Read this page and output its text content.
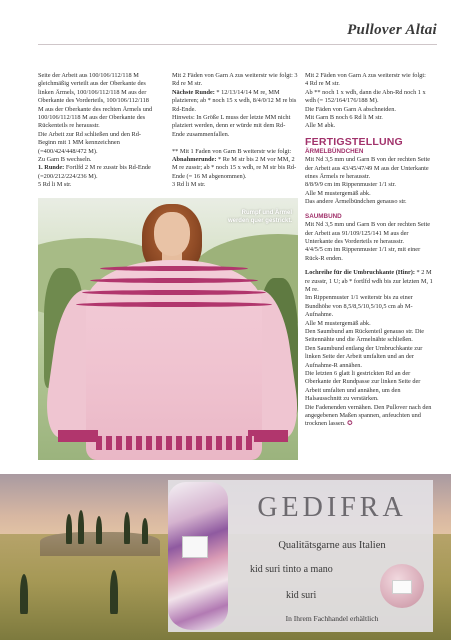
Pullover Altai

Seite der Arbeit aus 100/106/112/118 M gleichmäßig verteilt aus der Oberkante des linken Ärmels, 100/106/112/118 M aus der Oberkante des Vorderteils, 100/106/112/118 M aus der Oberkante des rechten Ärmels und 100/106/112/118 M aus der Oberkante des Rückenteils re herausstr.

Die Arbeit zur Rd schließen und den Rd-Beginn mit 1 MM kennzeichnen (=400/424/448/472 M).

Zu Garn B wechseln.

1. Runde: Fortlfd 2 M re zusstr bis Rd-Ende (=200/212/224/236 M).

5 Rd li M str.

Mit 2 Fäden von Garn A zus weiterstr wie folgt: 3 Rd re M str.

Nächste Runde: * 12/13/14/14 M re, MM platzieren; ab * noch 15 x wdh, 8/4/0/12 M re bis Rd-Ende.

Hinweis: In Größe L muss der letzte MM nicht platziert werden, denn er würde mit dem Rd-Ende zusammenfallen.

** Mit 1 Faden von Garn B weiterstr wie folgt:

Abnahmerunde: * Re M str bis 2 M vor MM, 2 M re zusstr; ab * noch 15 x wdh, re M str bis Rd-Ende (= 16 M abgenommen).

3 Rd li M str.

Mit 2 Fäden von Garn A zus weiterstr wie folgt:

4 Rd re M str.

Ab ** noch 1 x wdh, dann die Abn-Rd noch 1 x wdh (= 152/164/176/188 M).

Die Fäden von Garn A abschneiden.

Mit Garn B noch 6 Rd li M str.

Alle M abk.

FERTIGSTELLUNG
ÄRMELBÜNDCHEN

Mit Nd 3,5 mm und Garn B von der rechten Seite der Arbeit aus 43/45/47/49 M aus der Unterkante eines Ärmels re herausstr.

8/8/9/9 cm im Rippenmuster 1/1 str.

Alle M mustergemäß abk.

Das andere Ärmelbündchen genauso str.

SAUMBUND

Mit Nd 3,5 mm und Garn B von der rechten Seite der Arbeit aus 91/109/125/141 M aus der Unterkante des Vorderteils re herausstr.

4/4/5/5 cm im Rippenmuster 1/1 str, mit einer Rück-R enden.

Lochreihe für die Umbruchkante (Hinr): * 2 M re zusstr, 1 U; ab * fortlfd wdh bis zur letzten M, 1 M re.

Im Rippenmuster 1/1 weiterstr bis zu einer Bundhöhe von 8,5/8,5/10,5/10,5 cm ab M-Aufnahme.

Alle M mustergemäß abk.

Den Saumbund am Rückenteil genauso str. Die Seitennähte und die Ärmelnähte schließen.

Den Saumbund entlang der Umbruchkante zur linken Seite der Arbeit umfalten und an der Aufnahme-R annähen.

Die letzten 6 glatt li gestrickten Rd an der Oberkante der Rundpasse zur linken Seite der Arbeit umfalten und annähen, um den Halsausschnitt zu verstärken.

Die Fadenenden vernähen. Den Pullover nach den angegebenen Maßen spannen, anfeuchten und trocknen lassen. ✪

Rumpf und Ärmel werden quer gestrickt.
GEDIFRA
Qualitätsgarne aus Italien
kid suri tinto a mano
kid suri
In Ihrem Fachhandel erhältlich
